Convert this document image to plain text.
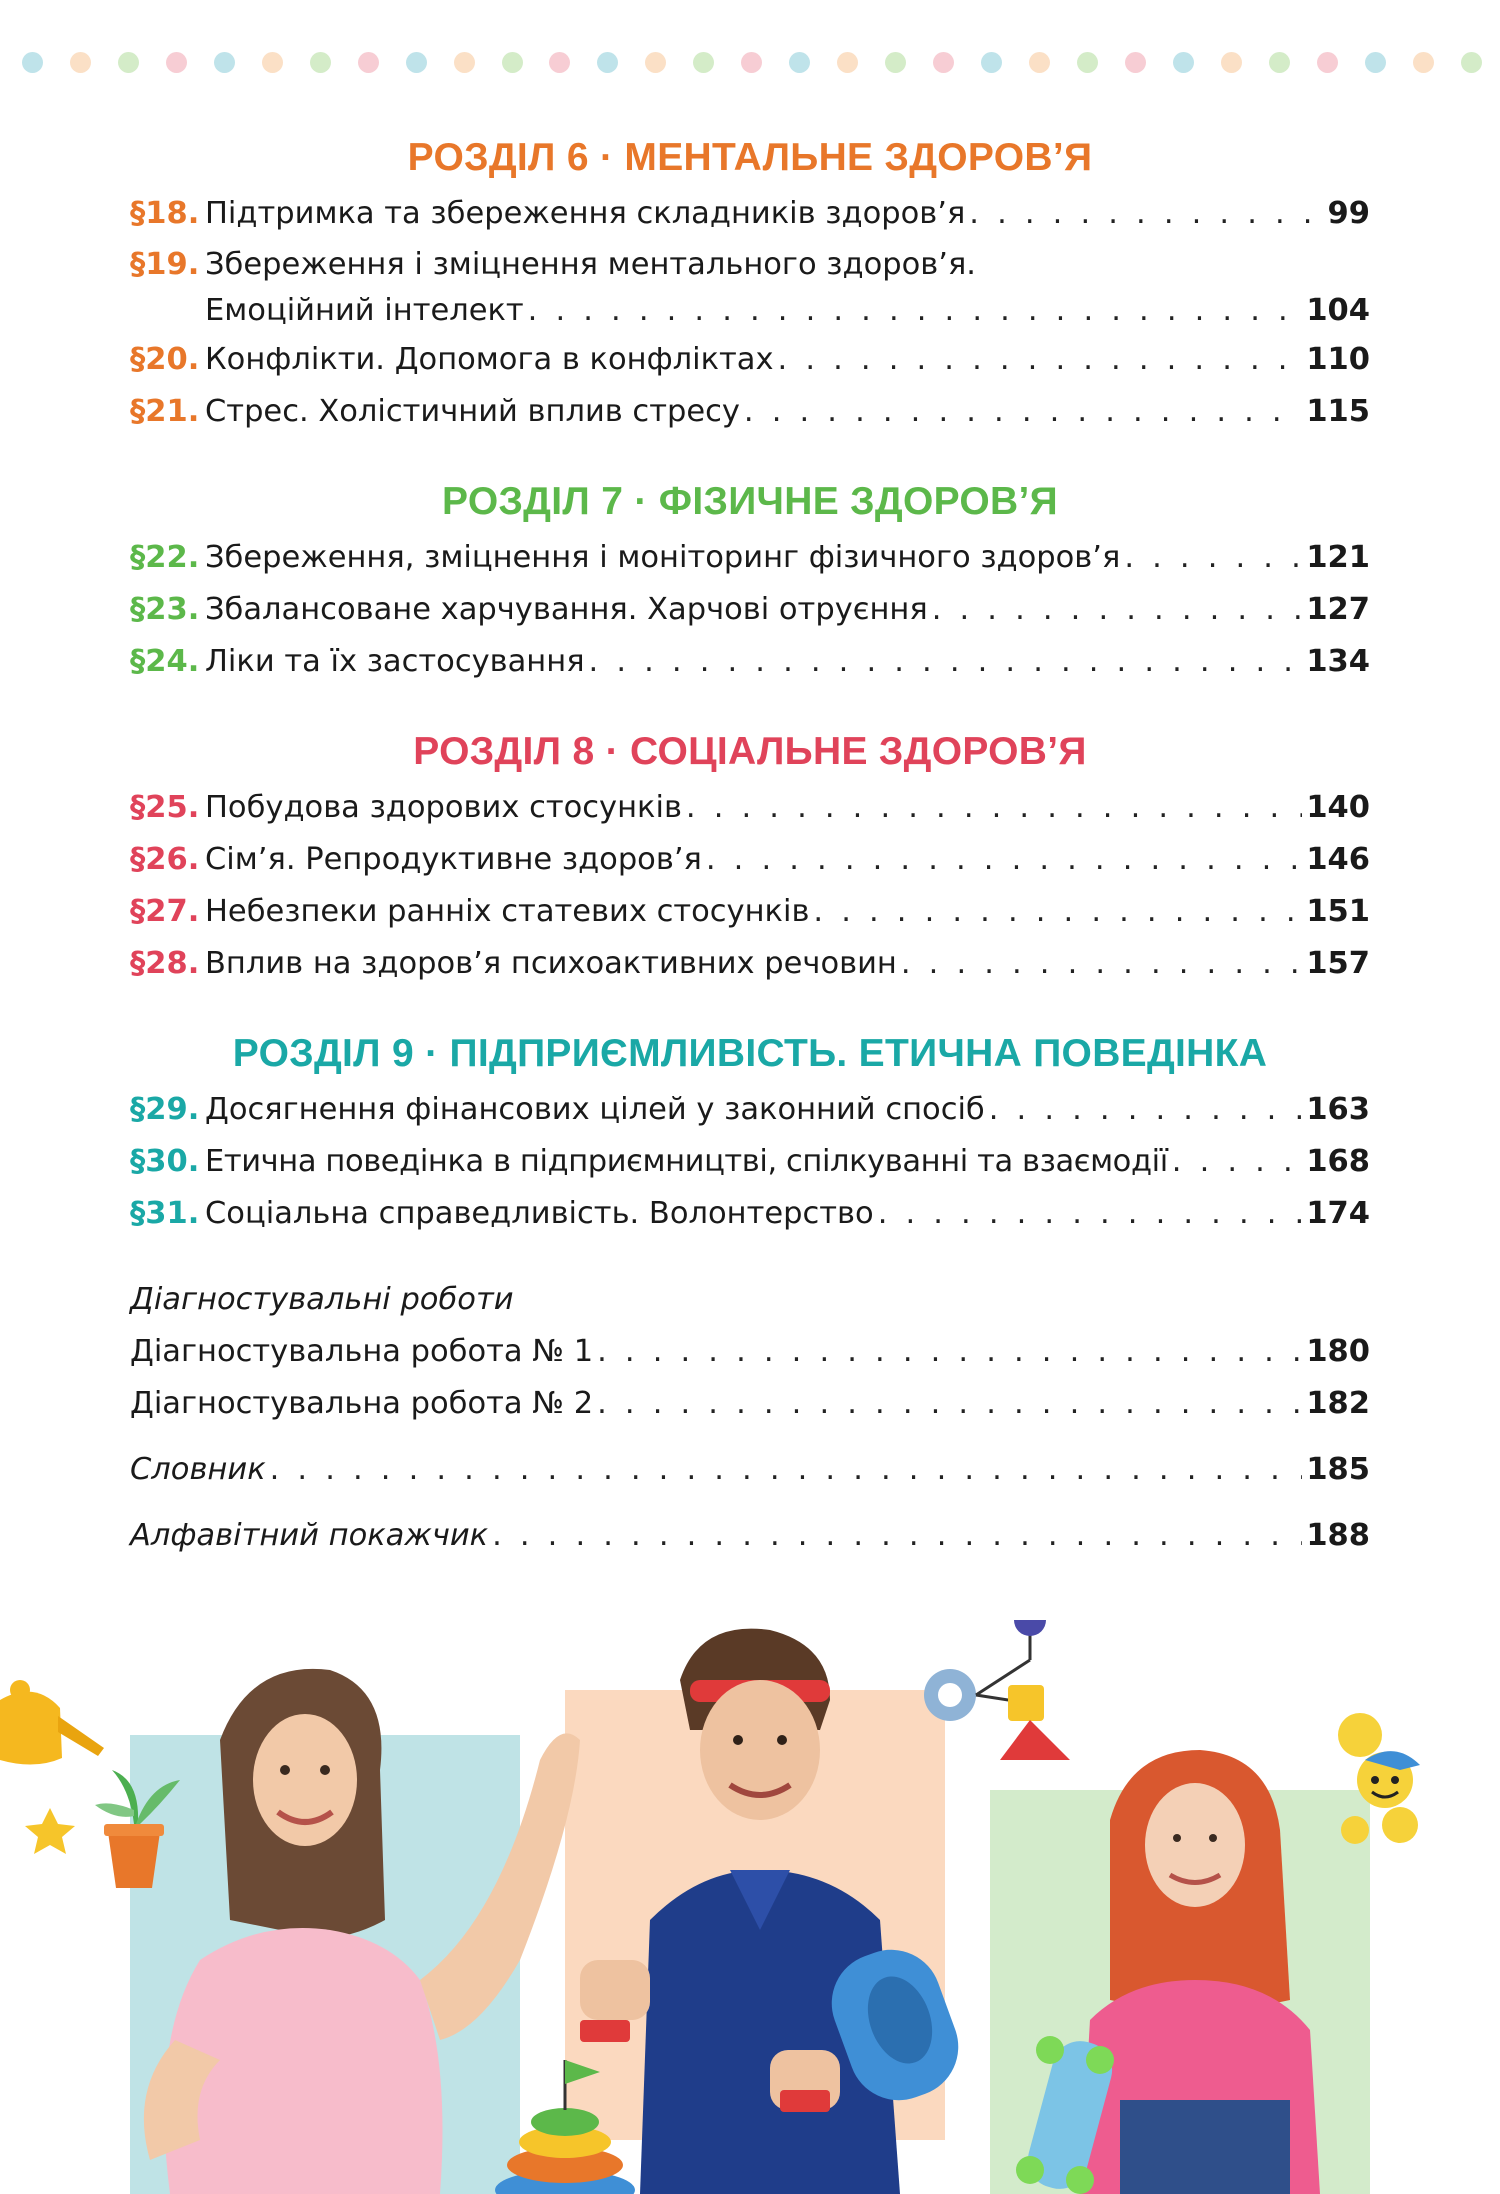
РОЗДІЛ 6 · МЕНТАЛЬНЕ ЗДОРОВ’Я
§18. Підтримка та збереження складників здоров’я . . .	99
§19. Збереження і зміцнення ментального здоров’я.
Емоційний інтелект . . .	104
§20. Конфлікти. Допомога в конфліктах . . .	110
§21. Стрес. Холістичний вплив стресу . . .	115
РОЗДІЛ 7 · ФІЗИЧНЕ ЗДОРОВ’Я
§22. Збереження, зміцнення і моніторинг фізичного здоров’я . . .	121
§23. Збалансоване харчування. Харчові отруєння . . .	127
§24. Ліки та їх застосування . . .	134
РОЗДІЛ 8 · СОЦІАЛЬНЕ ЗДОРОВ’Я
§25. Побудова здорових стосунків . . .	140
§26. Сім’я. Репродуктивне здоров’я . . .	146
§27. Небезпеки ранніх статевих стосунків . . .	151
§28. Вплив на здоров’я психоактивних речовин . . .	157
РОЗДІЛ 9 · ПІДПРИЄМЛИВІСТЬ. ЕТИЧНА ПОВЕДІНКА
§29. Досягнення фінансових цілей у законний спосіб . . .	163
§30. Етична поведінка в підприємництві, спілкуванні та взаємодії . . .	168
§31. Соціальна справедливість. Волонтерство . . .	174
Діагностувальні роботи
Діагностувальна робота № 1 . . .	180
Діагностувальна робота № 2 . . .	182
Словник . . .	185
Алфавітний покажчик . . .	188
